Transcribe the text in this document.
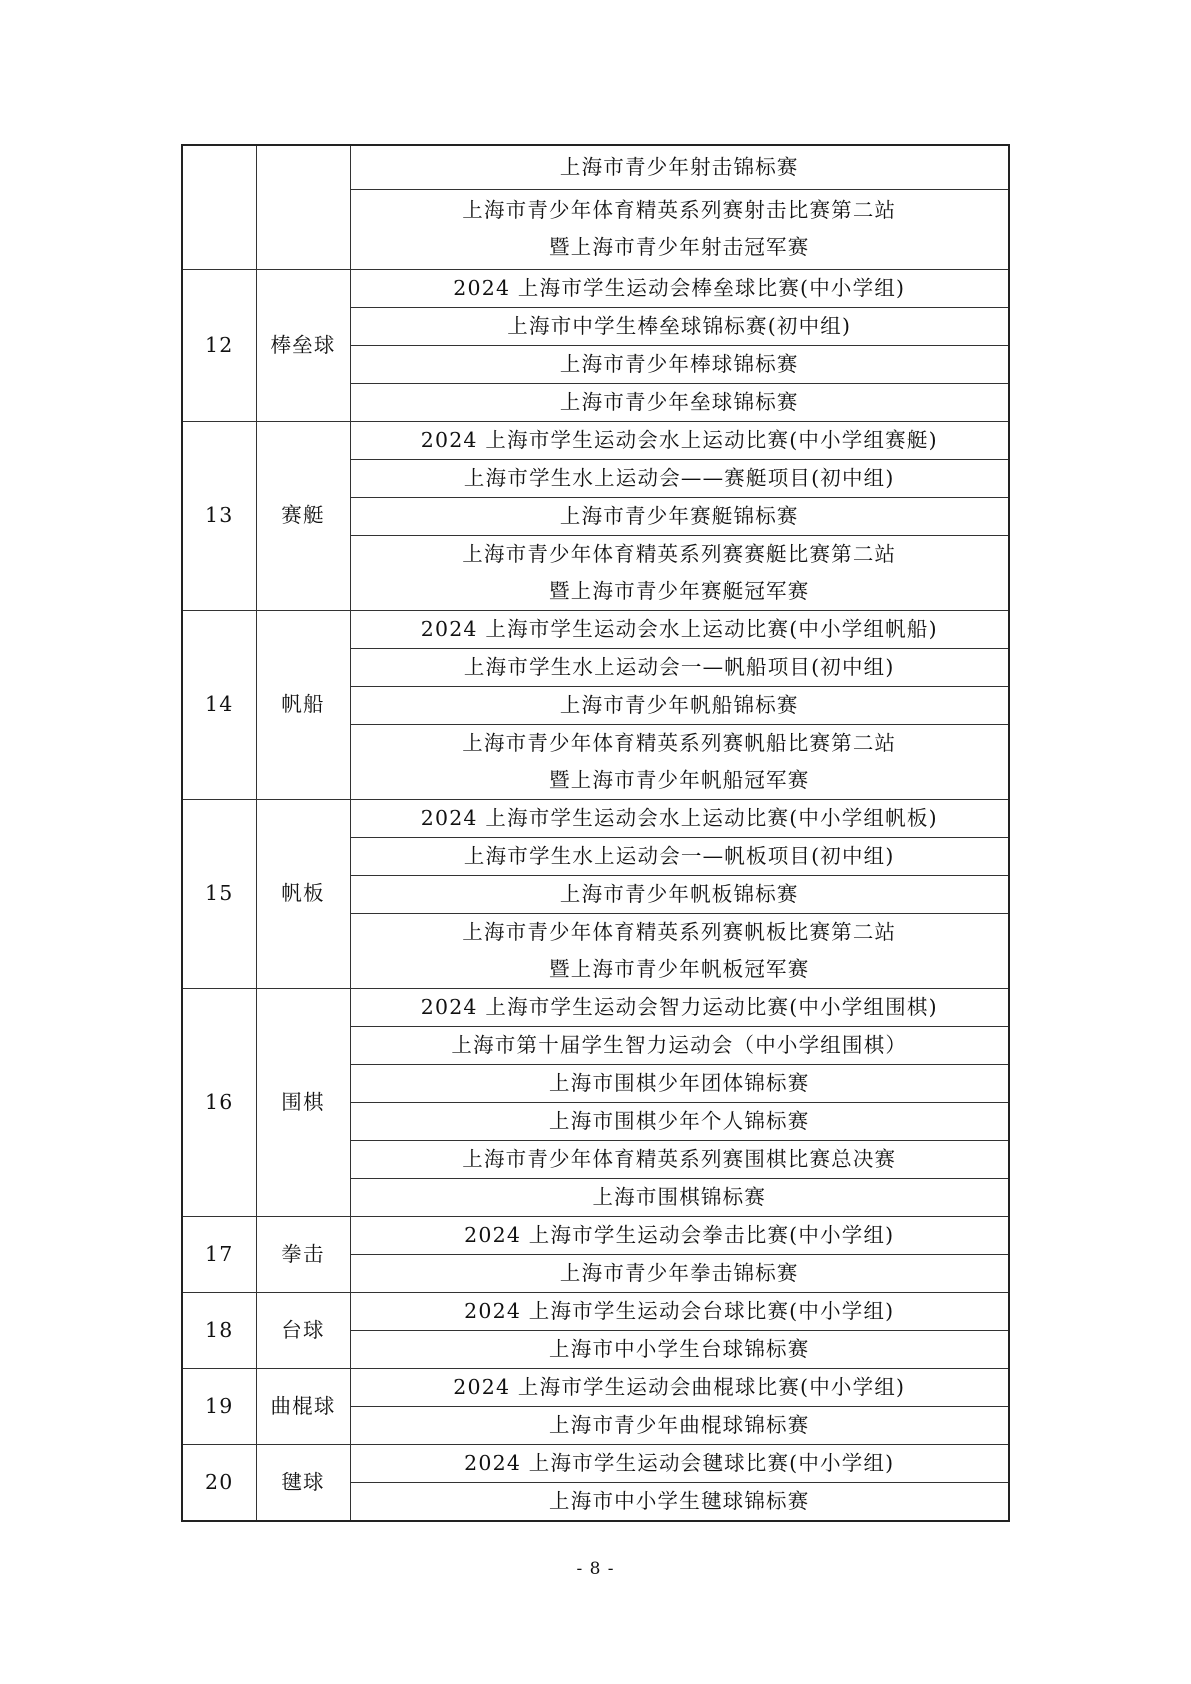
		上海市青少年射击锦标赛

		上海市青少年体育精英系列赛射击比赛第二站
暨上海市青少年射击冠军赛

12	棒垒球	2024 上海市学生运动会棒垒球比赛(中小学组)

		上海市中学生棒垒球锦标赛(初中组)

		上海市青少年棒球锦标赛

		上海市青少年垒球锦标赛

13	赛艇	2024 上海市学生运动会水上运动比赛(中小学组赛艇)

		上海市学生水上运动会——赛艇项目(初中组)

		上海市青少年赛艇锦标赛

		上海市青少年体育精英系列赛赛艇比赛第二站
暨上海市青少年赛艇冠军赛

14	帆船	2024 上海市学生运动会水上运动比赛(中小学组帆船)

		上海市学生水上运动会一—帆船项目(初中组)

		上海市青少年帆船锦标赛

		上海市青少年体育精英系列赛帆船比赛第二站
暨上海市青少年帆船冠军赛

15	帆板	2024 上海市学生运动会水上运动比赛(中小学组帆板)

		上海市学生水上运动会一—帆板项目(初中组)

		上海市青少年帆板锦标赛

		上海市青少年体育精英系列赛帆板比赛第二站
暨上海市青少年帆板冠军赛

16	围棋	2024 上海市学生运动会智力运动比赛(中小学组围棋)

		上海市第十届学生智力运动会（中小学组围棋）

		上海市围棋少年团体锦标赛

		上海市围棋少年个人锦标赛

		上海市青少年体育精英系列赛围棋比赛总决赛

		上海市围棋锦标赛

17	拳击	2024 上海市学生运动会拳击比赛(中小学组)

		上海市青少年拳击锦标赛

18	台球	2024 上海市学生运动会台球比赛(中小学组)

		上海市中小学生台球锦标赛

19	曲棍球	2024 上海市学生运动会曲棍球比赛(中小学组)

		上海市青少年曲棍球锦标赛

20	毽球	2024 上海市学生运动会毽球比赛(中小学组)

		上海市中小学生毽球锦标赛
- 8 -
